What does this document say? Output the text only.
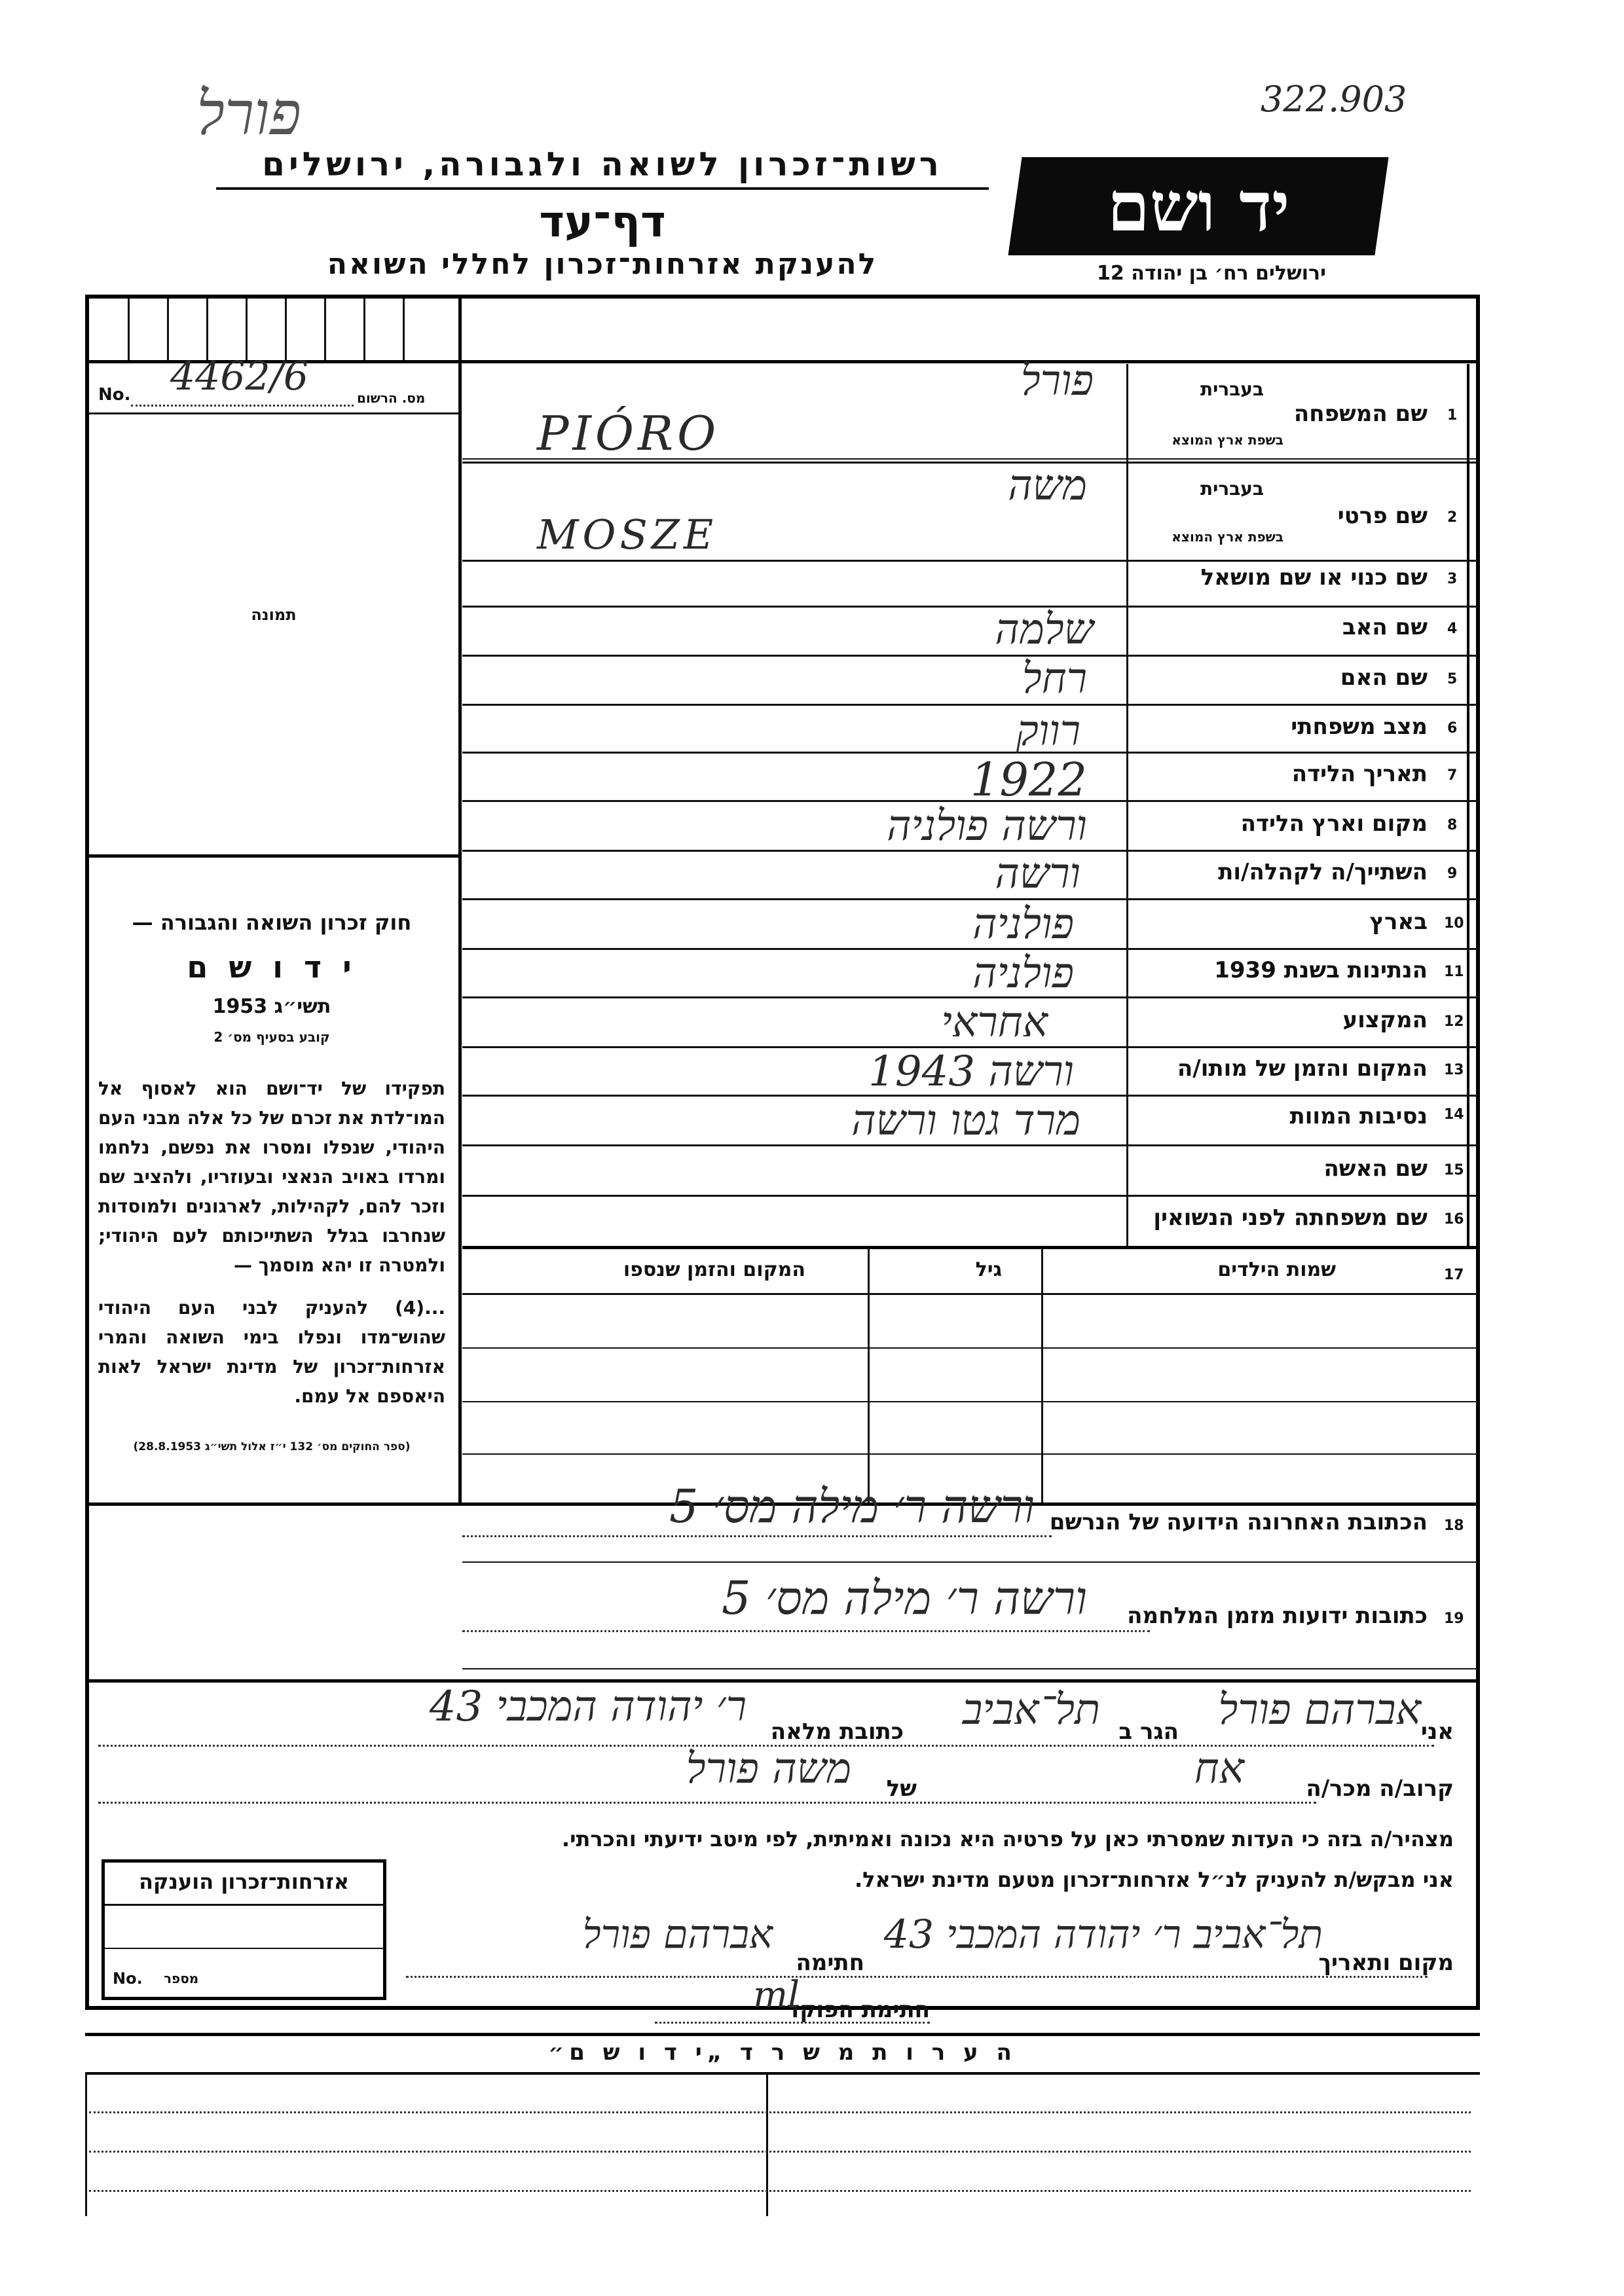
פורל	322.903
רשות־זכרון לשואה ולגבורה, ירושלים
דף־עד
להענקת אזרחות־זכרון לחללי השואה
יד ושם
ירושלים רח׳ בן יהודה 12
No. 4462/6	מס. הרשום
תמונה
חוק זכרון השואה והגבורה —
י ד ו ש ם
תשי״ג 1953
קובע בסעיף מס׳ 2
תפקידו של יד־ושם הוא לאסוף אל המו־לדת את זכרם של כל אלה מבני העם היהודי, שנפלו ומסרו את נפשם, נלחמו ומרדו באויב הנאצי ובעוזריו, ולהציב שם וזכר להם, לקהילות, לארגונים ולמוסדות שנחרבו בגלל השתייכותם לעם היהודי; ולמטרה זו יהא מוסמך —
...(4) להעניק לבני העם היהודי שהוש־מדו ונפלו בימי השואה והמרי אזרחות־זכרון של מדינת ישראל לאות היאספם אל עמם.
(ספר החוקים מס׳ 132 י״ז אלול תשי״ג 28.8.1953)
1
שם המשפחה
בעברית
בשפת ארץ המוצא
פורל
PIÓRO
2
שם פרטי
בעברית
בשפת ארץ המוצא
משה
MOSZE
3
שם כנוי או שם מושאל
4
שם האב
שלמה
5
שם האם
רחל
6
מצב משפחתי
רווק
7
תאריך הלידה
1922
8
מקום וארץ הלידה
ורשה פולניה
9
השתייך/ה לקהלה/ות
ורשה
10
בארץ
פולניה
11
הנתינות בשנת 1939
פולניה
12
המקצוע
אחראי
13
המקום והזמן של מותו/ה
ורשה 1943
14
נסיבות המוות
מרד גטו ורשה
15
שם האשה
16
שם משפחתה לפני הנשואין
17
שמות הילדים
גיל
המקום והזמן שנספו
18
הכתובת האחרונה הידועה של הנרשם
ורשה ר׳ מילה מס׳ 5
19
כתובות ידועות מזמן המלחמה
ורשה ר׳ מילה מס׳ 5
אני
אברהם פורל
הגר ב
תל־אביב
כתובת מלאה
ר׳ יהודה המכבי 43
קרוב/ה מכר/ה
אח
של
משה פורל
מצהיר/ה בזה כי העדות שמסרתי כאן על פרטיה היא נכונה ואמיתית, לפי מיטב ידיעתי והכרתי.
אני מבקש/ת להעניק לנ״ל אזרחות־זכרון מטעם מדינת ישראל.
מקום ותאריך
תל־אביב ר׳ יהודה המכבי 43
חתימה
אברהם פורל
חתימת הפוקד
ml
אזרחות־זכרון הוענקה
No. מספר
ה ע ר ו ת מ ש ר ד „י ד ו ש ם״
